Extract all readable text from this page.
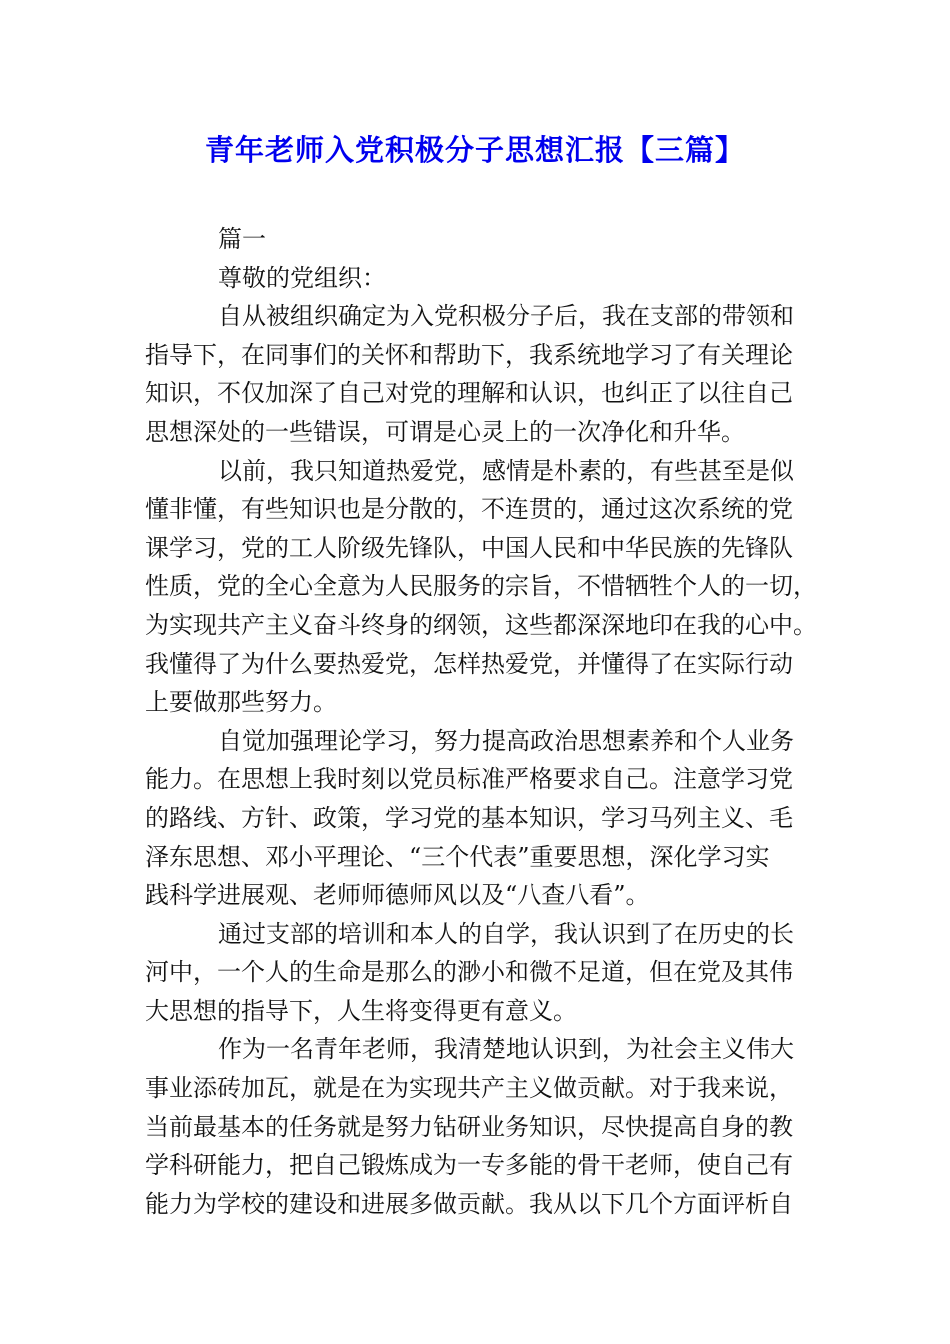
青年老师入党积极分子思想汇报【三篇】
篇一
尊敬的党组织：
自从被组织确定为入党积极分子后，我在支部的带领和
指导下，在同事们的关怀和帮助下，我系统地学习了有关理论
知识，不仅加深了自己对党的理解和认识，也纠正了以往自己
思想深处的一些错误，可谓是心灵上的一次净化和升华。
以前，我只知道热爱党，感情是朴素的，有些甚至是似
懂非懂，有些知识也是分散的，不连贯的，通过这次系统的党
课学习，党的工人阶级先锋队，中国人民和中华民族的先锋队
性质，党的全心全意为人民服务的宗旨，不惜牺牲个人的一切，
为实现共产主义奋斗终身的纲领，这些都深深地印在我的心中。
我懂得了为什么要热爱党，怎样热爱党，并懂得了在实际行动
上要做那些努力。
自觉加强理论学习，努力提高政治思想素养和个人业务
能力。在思想上我时刻以党员标准严格要求自己。注意学习党
的路线、方针、政策，学习党的基本知识，学习马列主义、毛
泽东思想、邓小平理论、“三个代表”重要思想，深化学习实
践科学进展观、老师师德师风以及“八查八看”。
通过支部的培训和本人的自学，我认识到了在历史的长
河中，一个人的生命是那么的渺小和微不足道，但在党及其伟
大思想的指导下，人生将变得更有意义。
作为一名青年老师，我清楚地认识到，为社会主义伟大
事业添砖加瓦，就是在为实现共产主义做贡献。对于我来说，
当前最基本的任务就是努力钻研业务知识，尽快提高自身的教
学科研能力，把自己锻炼成为一专多能的骨干老师，使自己有
能力为学校的建设和进展多做贡献。我从以下几个方面评析自
